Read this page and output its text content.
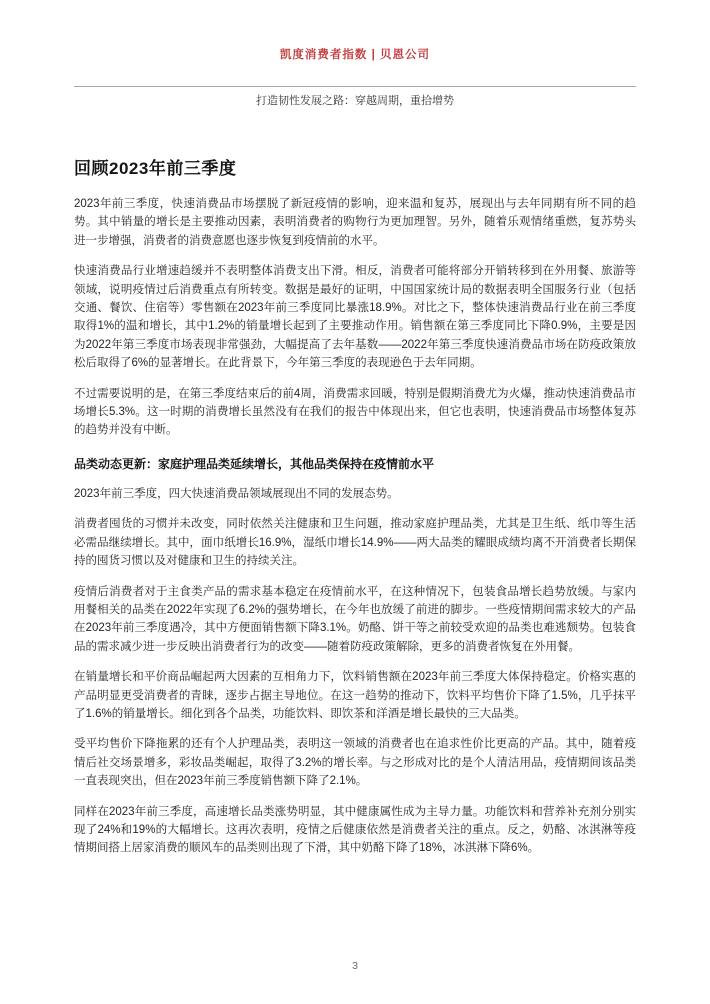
凯度消费者指数 | 贝恩公司
打造韧性发展之路：穿越周期，重拾增势
回顾2023年前三季度

2023年前三季度，快速消费品市场摆脱了新冠疫情的影响，迎来温和复苏，展现出与去年同期有所不同的趋势。其中销量的增长是主要推动因素，表明消费者的购物行为更加理智。另外，随着乐观情绪重燃，复苏势头进一步增强，消费者的消费意愿也逐步恢复到疫情前的水平。

快速消费品行业增速趋缓并不表明整体消费支出下滑。相反，消费者可能将部分开销转移到在外用餐、旅游等领域，说明疫情过后消费重点有所转变。数据是最好的证明，中国国家统计局的数据表明全国服务行业（包括交通、餐饮、住宿等）零售额在2023年前三季度同比暴涨18.9%。对比之下，整体快速消费品行业在前三季度取得1%的温和增长，其中1.2%的销量增长起到了主要推动作用。销售额在第三季度同比下降0.9%，主要是因为2022年第三季度市场表现非常强劲，大幅提高了去年基数——2022年第三季度快速消费品市场在防疫政策放松后取得了6%的显著增长。在此背景下，今年第三季度的表现逊色于去年同期。

不过需要说明的是，在第三季度结束后的前4周，消费需求回暖，特别是假期消费尤为火爆，推动快速消费品市场增长5.3%。这一时期的消费增长虽然没有在我们的报告中体现出来，但它也表明，快速消费品市场整体复苏的趋势并没有中断。

品类动态更新：家庭护理品类延续增长，其他品类保持在疫情前水平

2023年前三季度，四大快速消费品领域展现出不同的发展态势。

消费者囤货的习惯并未改变，同时依然关注健康和卫生问题，推动家庭护理品类，尤其是卫生纸、纸巾等生活必需品继续增长。其中，面巾纸增长16.9%，湿纸巾增长14.9%——两大品类的耀眼成绩均离不开消费者长期保持的囤货习惯以及对健康和卫生的持续关注。

疫情后消费者对于主食类产品的需求基本稳定在疫情前水平，在这种情况下，包装食品增长趋势放缓。与家内用餐相关的品类在2022年实现了6.2%的强势增长，在今年也放缓了前进的脚步。一些疫情期间需求较大的产品在2023年前三季度遇冷，其中方便面销售额下降3.1%。奶酪、饼干等之前较受欢迎的品类也难逃颓势。包装食品的需求减少进一步反映出消费者行为的改变——随着防疫政策解除，更多的消费者恢复在外用餐。

在销量增长和平价商品崛起两大因素的互相角力下，饮料销售额在2023年前三季度大体保持稳定。价格实惠的产品明显更受消费者的青睐，逐步占据主导地位。在这一趋势的推动下，饮料平均售价下降了1.5%，几乎抹平了1.6%的销量增长。细化到各个品类，功能饮料、即饮茶和洋酒是增长最快的三大品类。

受平均售价下降拖累的还有个人护理品类，表明这一领域的消费者也在追求性价比更高的产品。其中，随着疫情后社交场景增多，彩妆品类崛起，取得了3.2%的增长率。与之形成对比的是个人清洁用品，疫情期间该品类一直表现突出，但在2023年前三季度销售额下降了2.1%。

同样在2023年前三季度，高速增长品类涨势明显，其中健康属性成为主导力量。功能饮料和营养补充剂分别实现了24%和19%的大幅增长。这再次表明，疫情之后健康依然是消费者关注的重点。反之，奶酪、冰淇淋等疫情期间搭上居家消费的顺风车的品类则出现了下滑，其中奶酪下降了18%，冰淇淋下降6%。

3
